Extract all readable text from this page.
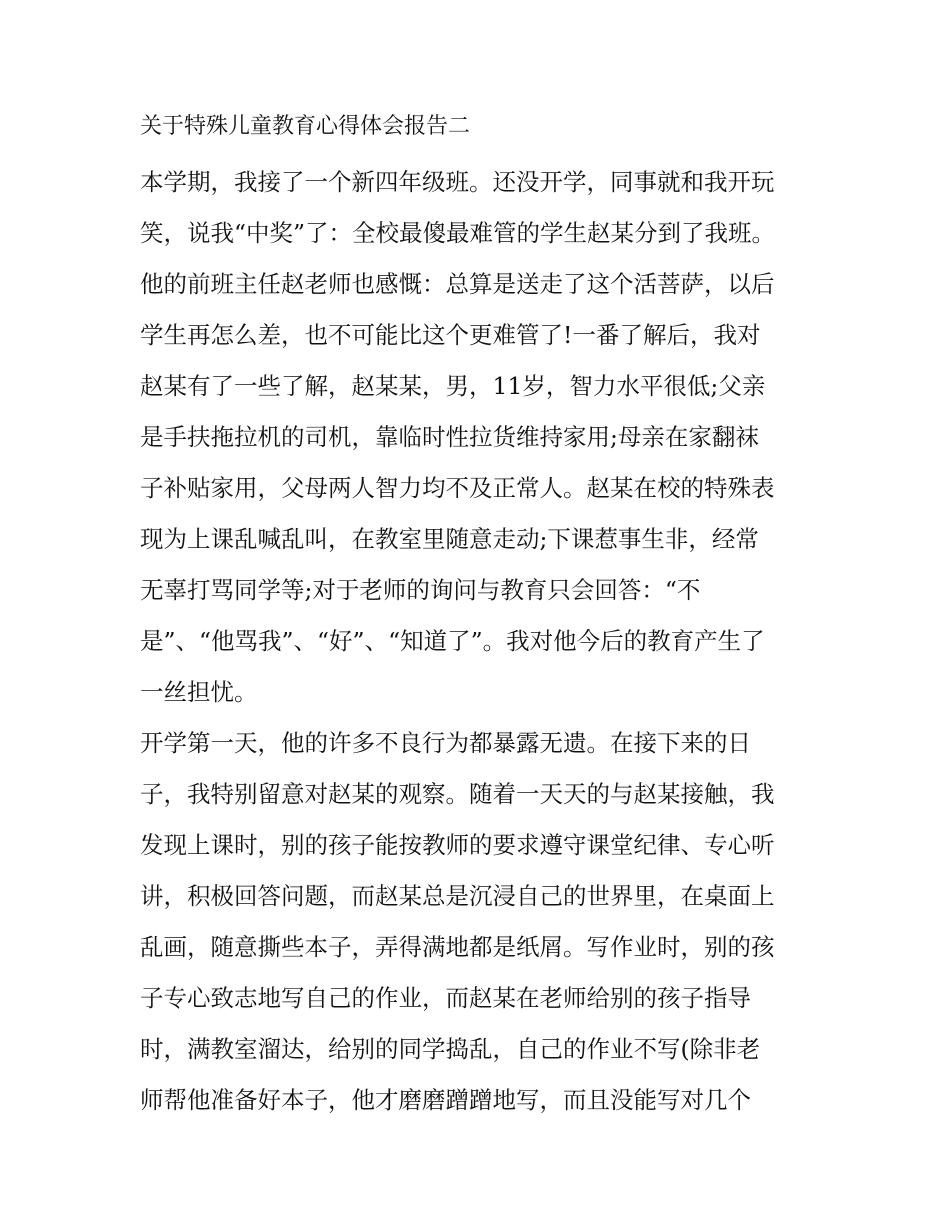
关于特殊儿童教育心得体会报告二
本学期，我接了一个新四年级班。还没开学，同事就和我开玩
笑，说我“中奖”了：全校最傻最难管的学生赵某分到了我班。
他的前班主任赵老师也感慨：总算是送走了这个活菩萨，以后
学生再怎么差，也不可能比这个更难管了!一番了解后，我对
赵某有了一些了解，赵某某，男，11岁，智力水平很低;父亲
是手扶拖拉机的司机，靠临时性拉货维持家用;母亲在家翻袜
子补贴家用，父母两人智力均不及正常人。赵某在校的特殊表
现为上课乱喊乱叫，在教室里随意走动;下课惹事生非，经常
无辜打骂同学等;对于老师的询问与教育只会回答：“不
是”、“他骂我”、“好”、“知道了”。我对他今后的教育产生了
一丝担忧。
开学第一天，他的许多不良行为都暴露无遗。在接下来的日
子，我特别留意对赵某的观察。随着一天天的与赵某接触，我
发现上课时，别的孩子能按教师的要求遵守课堂纪律、专心听
讲，积极回答问题，而赵某总是沉浸自己的世界里，在桌面上
乱画，随意撕些本子，弄得满地都是纸屑。写作业时，别的孩
子专心致志地写自己的作业，而赵某在老师给别的孩子指导
时，满教室溜达，给别的同学捣乱，自己的作业不写(除非老
师帮他准备好本子，他才磨磨蹭蹭地写，而且没能写对几个
